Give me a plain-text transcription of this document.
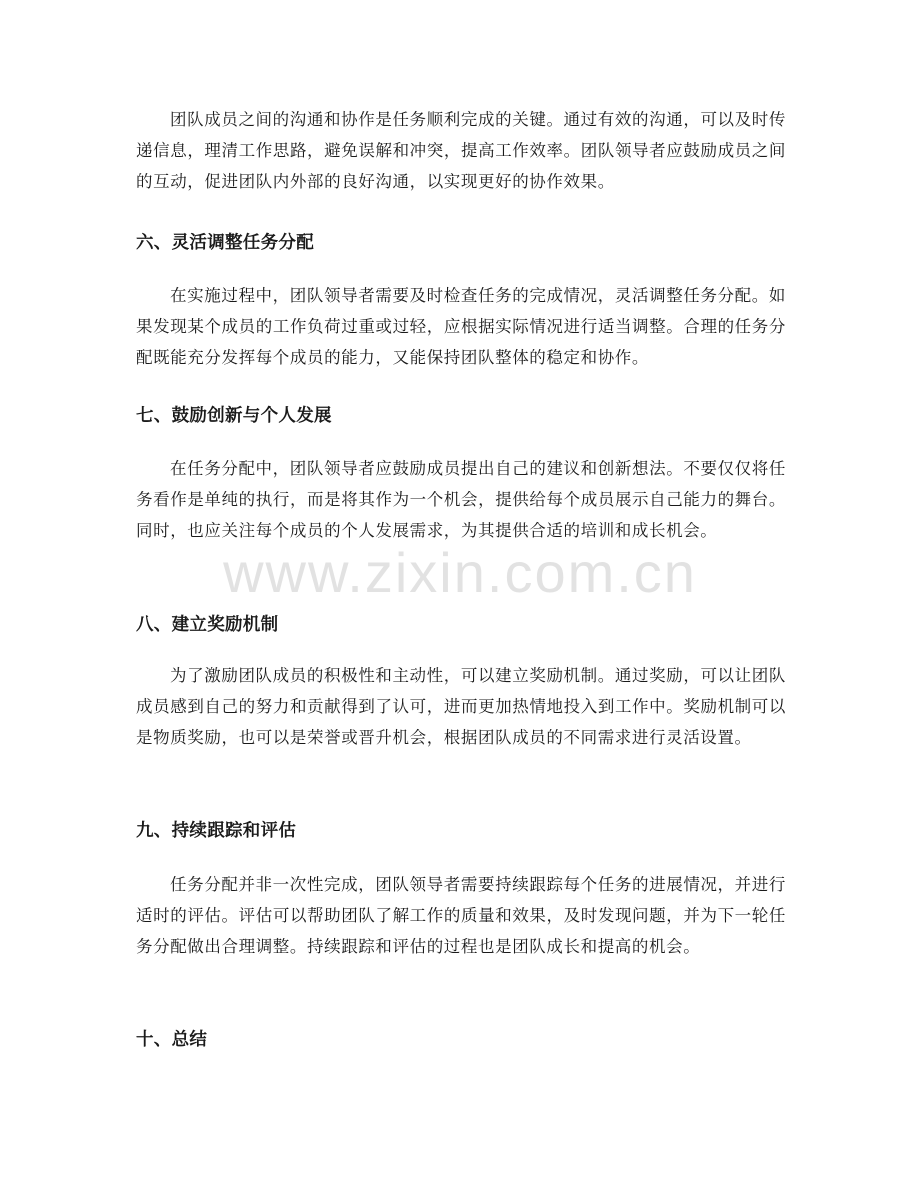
团队成员之间的沟通和协作是任务顺利完成的关键。通过有效的沟通，可以及时传递信息，理清工作思路，避免误解和冲突，提高工作效率。团队领导者应鼓励成员之间的互动，促进团队内外部的良好沟通，以实现更好的协作效果。

六、灵活调整任务分配

在实施过程中，团队领导者需要及时检查任务的完成情况，灵活调整任务分配。如果发现某个成员的工作负荷过重或过轻，应根据实际情况进行适当调整。合理的任务分配既能充分发挥每个成员的能力，又能保持团队整体的稳定和协作。

七、鼓励创新与个人发展

在任务分配中，团队领导者应鼓励成员提出自己的建议和创新想法。不要仅仅将任务看作是单纯的执行，而是将其作为一个机会，提供给每个成员展示自己能力的舞台。同时，也应关注每个成员的个人发展需求，为其提供合适的培训和成长机会。

八、建立奖励机制

为了激励团队成员的积极性和主动性，可以建立奖励机制。通过奖励，可以让团队成员感到自己的努力和贡献得到了认可，进而更加热情地投入到工作中。奖励机制可以是物质奖励，也可以是荣誉或晋升机会，根据团队成员的不同需求进行灵活设置。

九、持续跟踪和评估

任务分配并非一次性完成，团队领导者需要持续跟踪每个任务的进展情况，并进行适时的评估。评估可以帮助团队了解工作的质量和效果，及时发现问题，并为下一轮任务分配做出合理调整。持续跟踪和评估的过程也是团队成长和提高的机会。

十、总结
www.zixin.com.cn
